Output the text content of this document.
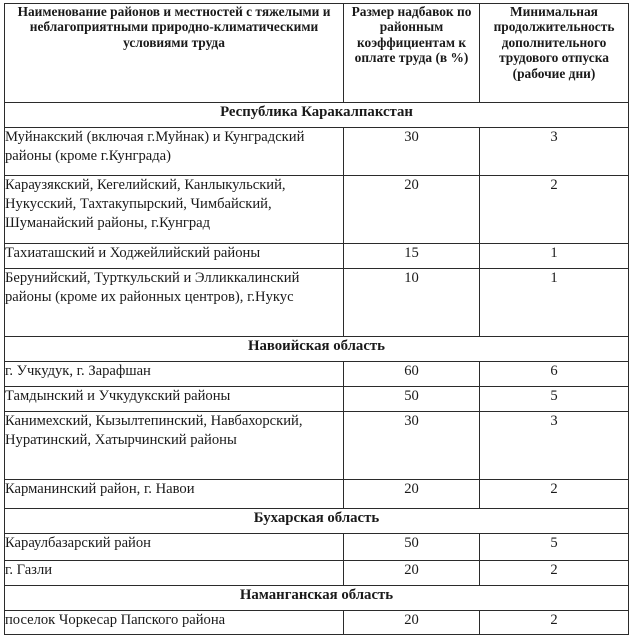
Наименование районов и местностей с тяжелыми и неблагоприятными природно-климатическими условиями труда	Размер надбавок по районным коэффициентам к оплате труда (в %)	Минимальная продолжительность дополнительного трудового отпуска (рабочие дни)

Республика Каракалпакстан		
Муйнакский (включая г.Муйнак) и Кунградский районы (кроме г.Кунграда)	30	3
Караузякский, Кегелийский, Канлыкульский, Нукусский, Тахтакупырский, Чимбайский, Шуманайский районы, г.Кунград	20	2
Тахиаташский и Ходжейлийский районы	15	1
Берунийский, Турткульский и Элликкалинский районы (кроме их районных центров), г.Нукус	10	1
Навоийская область		
г. Учкудук, г. Зарафшан	60	6
Тамдынский и Учкудукский районы	50	5
Канимехский, Кызылтепинский, Навбахорский, Нуратинский, Хатырчинский районы	30	3
Карманинский район, г. Навои	20	2
Бухарская область		
Караулбазарский район	50	5
г. Газли	20	2
Наманганская область		
поселок Чоркесар Папского района	20	2
